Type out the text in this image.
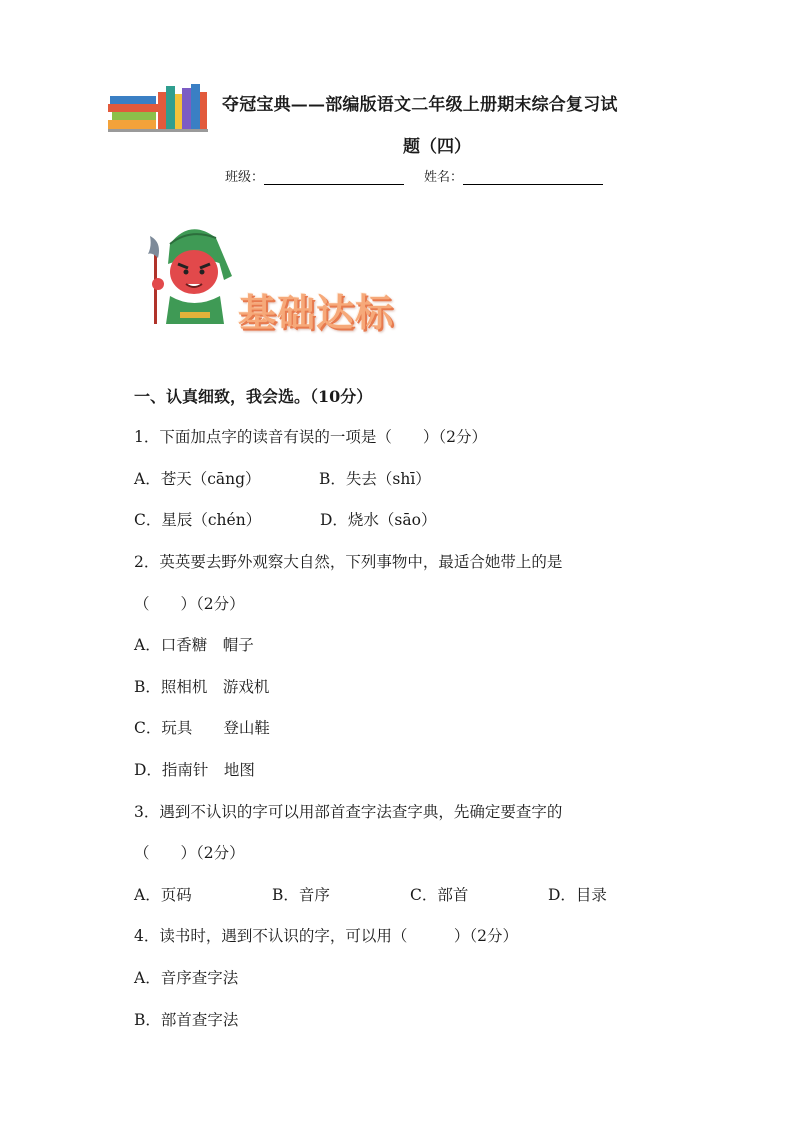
夺冠宝典——部编版语文二年级上册期末综合复习试
题（四）
班级：	姓名：
基础达标
一、认真细致，我会选。（10分）
1．下面加点字的读音有误的一项是（　　）（2分）
A．苍天（cāng）	B．失去（shī）
C．星辰（chén）	D．烧水（sāo）
2．英英要去野外观察大自然，下列事物中，最适合她带上的是
（　　）（2分）
A．口香糖　帽子
B．照相机　游戏机
C．玩具　　登山鞋
D．指南针　地图
3．遇到不认识的字可以用部首查字法查字典，先确定要查字的
（　　）（2分）
A．页码	B．音序	C．部首	D．目录
4．读书时，遇到不认识的字，可以用（　　　）（2分）
A．音序查字法
B．部首查字法
